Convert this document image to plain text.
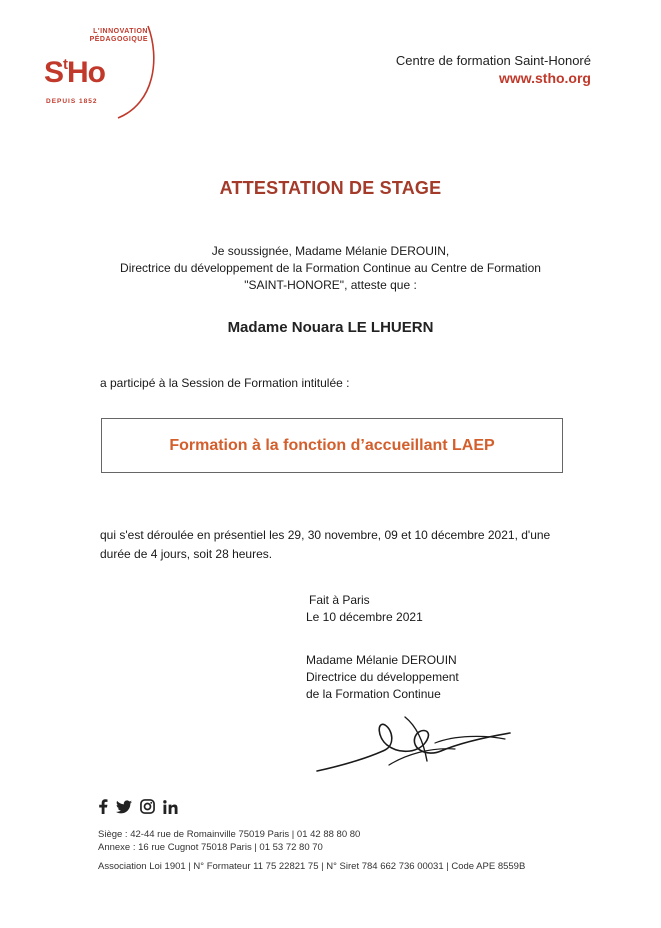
L'INNOVATION
PÉDAGOGIQUE
$S^tHo$
DEPUIS 1852
Centre de formation Saint-Honoré
www.stho.org
ATTESTATION DE STAGE
Je soussignée, Madame Mélanie DEROUIN,
Directrice du développement de la Formation Continue au Centre de Formation
"SAINT-HONORE", atteste que :
Madame Nouara LE LHUERN
a participé à la Session de Formation intitulée :
Formation à la fonction d’accueillant LAEP
qui s'est déroulée en présentiel les 29, 30 novembre, 09 et 10 décembre 2021, d'une
durée de 4 jours, soit 28 heures.
Fait à Paris
Le 10 décembre 2021
Madame Mélanie DEROUIN
Directrice du développement
de la Formation Continue
Siège : 42-44 rue de Romainville 75019 Paris | 01 42 88 80 80
Annexe : 16 rue Cugnot 75018 Paris | 01 53 72 80 70
Association Loi 1901 | N° Formateur 11 75 22821 75 | N° Siret 784 662 736 00031 | Code APE 8559B
